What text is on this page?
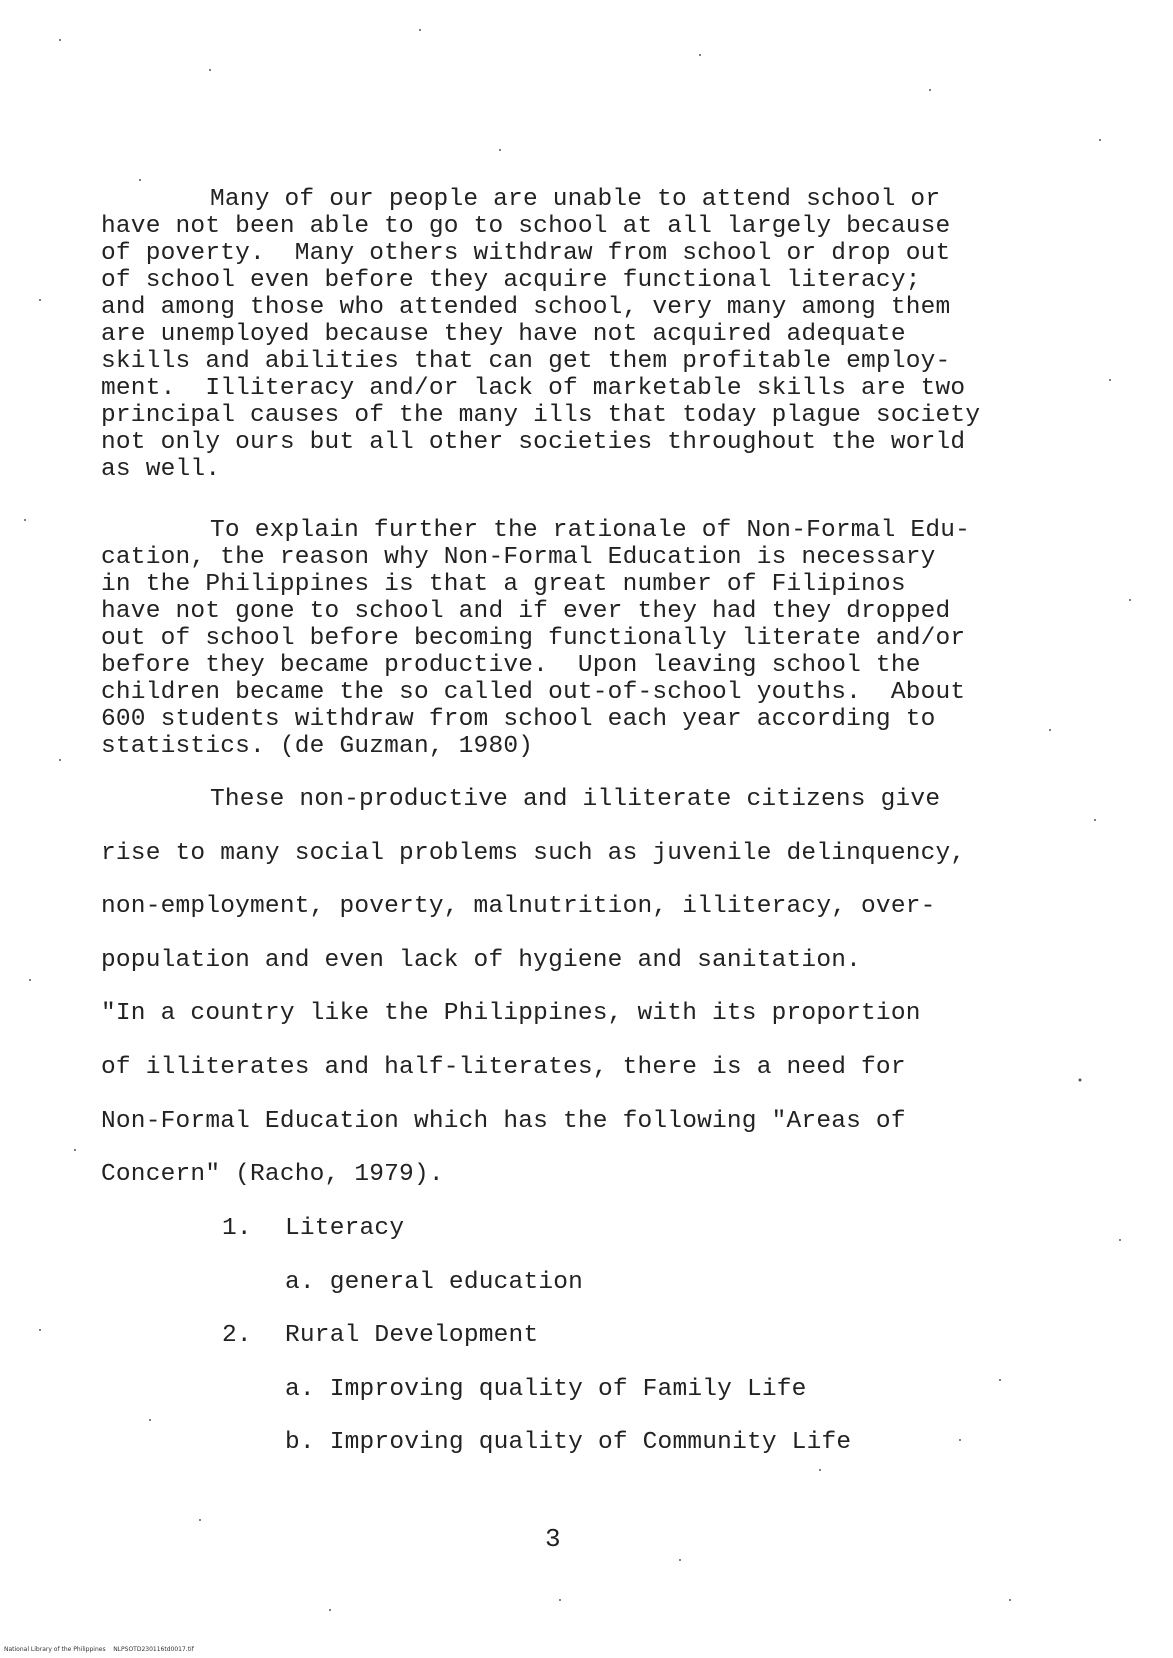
Many of our people are unable to attend school or
have not been able to go to school at all largely because
of poverty.  Many others withdraw from school or drop out
of school even before they acquire functional literacy;
and among those who attended school, very many among them
are unemployed because they have not acquired adequate
skills and abilities that can get them profitable employ-
ment.  Illiteracy and/or lack of marketable skills are two
principal causes of the many ills that today plague society
not only ours but all other societies throughout the world
as well.
To explain further the rationale of Non-Formal Edu-
cation, the reason why Non-Formal Education is necessary
in the Philippines is that a great number of Filipinos
have not gone to school and if ever they had they dropped
out of school before becoming functionally literate and/or
before they became productive.  Upon leaving school the
children became the so called out-of-school youths.  About
600 students withdraw from school each year according to
statistics. (de Guzman, 1980)
These non-productive and illiterate citizens give
rise to many social problems such as juvenile delinquency,
non-employment, poverty, malnutrition, illiteracy, over-
population and even lack of hygiene and sanitation.
"In a country like the Philippines, with its proportion
of illiterates and half-literates, there is a need for
Non-Formal Education which has the following "Areas of
Concern" (Racho, 1979).
1. Literacy
a. general education
2. Rural Development
a. Improving quality of Family Life
b. Improving quality of Community Life
3
National Library of the Philippines    NLPSOTD230116td0017.tif
